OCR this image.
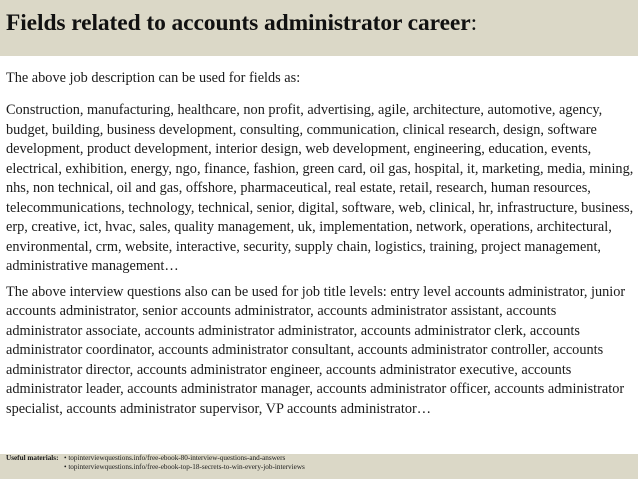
Fields related to accounts administrator career:
The above job description can be used for fields as:
Construction, manufacturing, healthcare, non profit, advertising, agile, architecture, automotive, agency, budget, building, business development, consulting, communication, clinical research, design, software development, product development, interior design, web development, engineering, education, events, electrical, exhibition, energy, ngo, finance, fashion, green card, oil gas, hospital, it, marketing, media, mining, nhs, non technical, oil and gas, offshore, pharmaceutical, real estate, retail, research, human resources, telecommunications, technology, technical, senior, digital, software, web, clinical, hr, infrastructure, business, erp, creative, ict, hvac, sales, quality management, uk, implementation, network, operations, architectural, environmental, crm, website, interactive, security, supply chain, logistics, training, project management, administrative management…
The above interview questions also can be used for job title levels: entry level accounts administrator, junior accounts administrator, senior accounts administrator, accounts administrator assistant, accounts administrator associate, accounts administrator administrator, accounts administrator clerk, accounts administrator coordinator, accounts administrator consultant, accounts administrator controller, accounts administrator director, accounts administrator engineer, accounts administrator executive, accounts administrator leader, accounts administrator manager, accounts administrator officer, accounts administrator specialist, accounts administrator supervisor, VP accounts administrator…
Useful materials: • topinterviewquestions.info/free-ebook-80-interview-questions-and-answers
• topinterviewquestions.info/free-ebook-top-18-secrets-to-win-every-job-interviews
